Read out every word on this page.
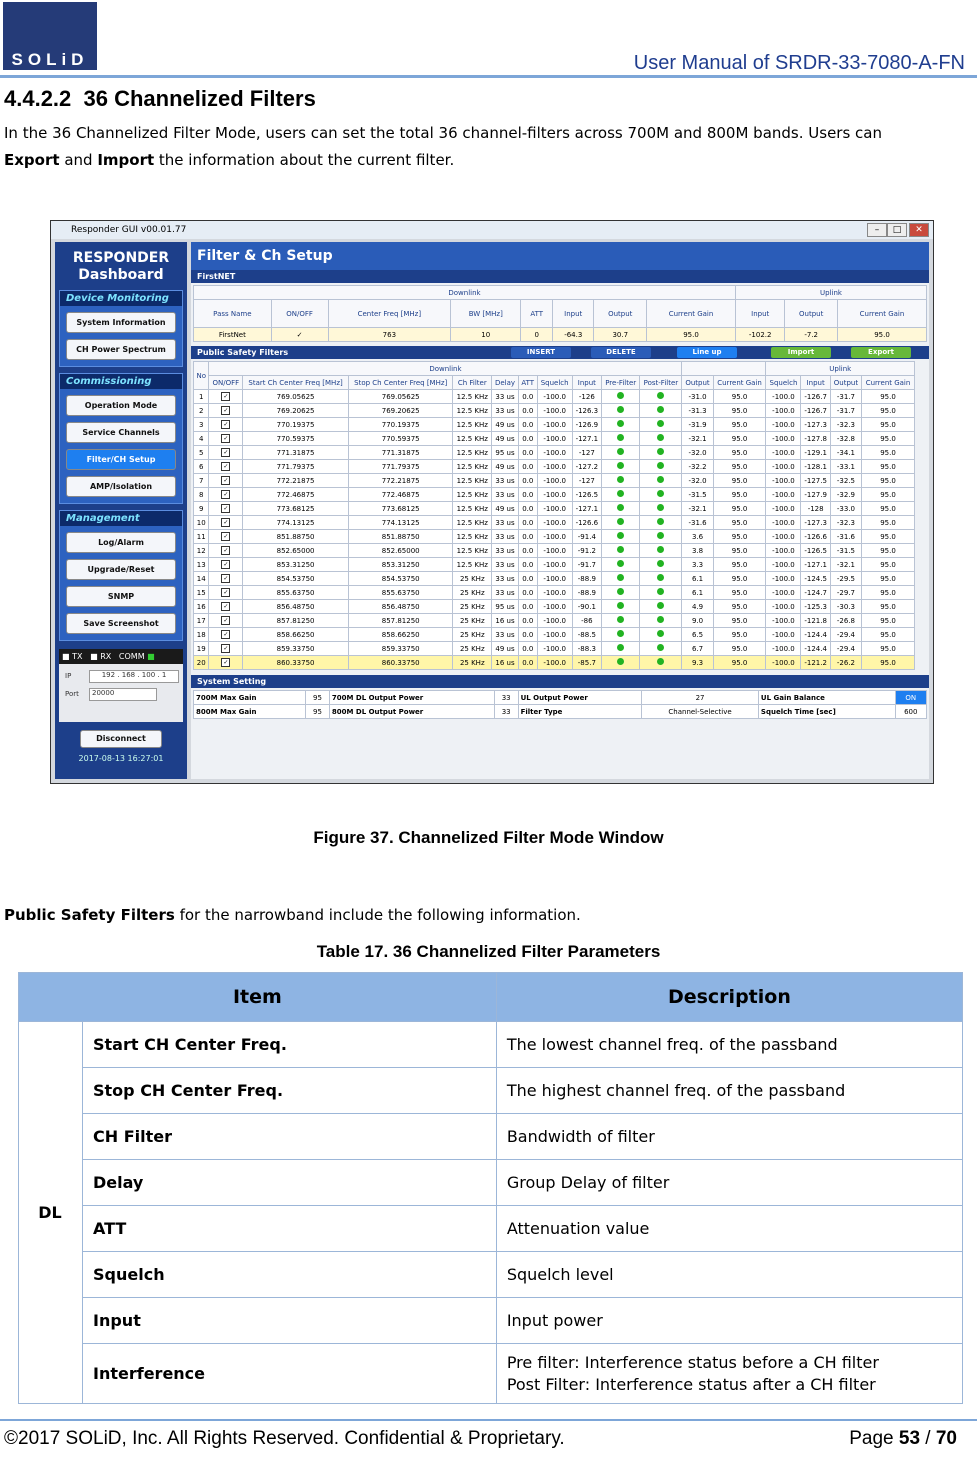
SOLiD	User Manual of SRDR-33-7080-A-FN
4.4.2.2 36 Channelized Filters
In the 36 Channelized Filter Mode, users can set the total 36 channel-filters across 700M and 800M bands. Users can
Export and Import the information about the current filter.
Responder GUI v00.01.77	–	□	✕
RESPONDER
Dashboard
Device Monitoring
System Information
CH Power Spectrum
Commissioning
Operation Mode
Service Channels
Filter/CH Setup
AMP/Isolation
Management
Log/Alarm
Upgrade/Reset
SNMP
Save Screenshot
■ TX ■ RX COMM ■
IP	192 . 168 . 100 . 1
Port	20000
Disconnect
2017-08-13 16:27:01
Filter & Ch Setup
FirstNET
Downlink								Uplink		
Pass Name	ON/OFF	Center Freq [MHz]	BW [MHz]	ATT	Input	Output	Current Gain	Input	Output	Current Gain
FirstNet	✓	763	10	0	-64.3	30.7	95.0	-102.2	-7.2	95.0
Public Safety Filters	INSERT	DELETE	Line up	Import	Export
No	Downlink												Uplink			
	ON/OFF	Start Ch Center Freq [MHz]	Stop Ch Center Freq [MHz]	Ch Filter	Delay	ATT	Squelch	Input	Pre-Filter	Post-Filter	Output	Current Gain	Squelch	Input	Output	Current Gain
1	✓	769.05625	769.05625	12.5 KHz	33 us	0.0	-100.0	-126			-31.0	95.0	-100.0	-126.7	-31.7	95.0
2	✓	769.20625	769.20625	12.5 KHz	33 us	0.0	-100.0	-126.3			-31.3	95.0	-100.0	-126.7	-31.7	95.0
3	✓	770.19375	770.19375	12.5 KHz	49 us	0.0	-100.0	-126.9			-31.9	95.0	-100.0	-127.3	-32.3	95.0
4	✓	770.59375	770.59375	12.5 KHz	49 us	0.0	-100.0	-127.1			-32.1	95.0	-100.0	-127.8	-32.8	95.0
5	✓	771.31875	771.31875	12.5 KHz	95 us	0.0	-100.0	-127			-32.0	95.0	-100.0	-129.1	-34.1	95.0
6	✓	771.79375	771.79375	12.5 KHz	49 us	0.0	-100.0	-127.2			-32.2	95.0	-100.0	-128.1	-33.1	95.0
7	✓	772.21875	772.21875	12.5 KHz	33 us	0.0	-100.0	-127			-32.0	95.0	-100.0	-127.5	-32.5	95.0
8	✓	772.46875	772.46875	12.5 KHz	33 us	0.0	-100.0	-126.5			-31.5	95.0	-100.0	-127.9	-32.9	95.0
9	✓	773.68125	773.68125	12.5 KHz	49 us	0.0	-100.0	-127.1			-32.1	95.0	-100.0	-128	-33.0	95.0
10	✓	774.13125	774.13125	12.5 KHz	33 us	0.0	-100.0	-126.6			-31.6	95.0	-100.0	-127.3	-32.3	95.0
11	✓	851.88750	851.88750	12.5 KHz	33 us	0.0	-100.0	-91.4			3.6	95.0	-100.0	-126.6	-31.6	95.0
12	✓	852.65000	852.65000	12.5 KHz	33 us	0.0	-100.0	-91.2			3.8	95.0	-100.0	-126.5	-31.5	95.0
13	✓	853.31250	853.31250	12.5 KHz	33 us	0.0	-100.0	-91.7			3.3	95.0	-100.0	-127.1	-32.1	95.0
14	✓	854.53750	854.53750	25 KHz	33 us	0.0	-100.0	-88.9			6.1	95.0	-100.0	-124.5	-29.5	95.0
15	✓	855.63750	855.63750	25 KHz	33 us	0.0	-100.0	-88.9			6.1	95.0	-100.0	-124.7	-29.7	95.0
16	✓	856.48750	856.48750	25 KHz	95 us	0.0	-100.0	-90.1			4.9	95.0	-100.0	-125.3	-30.3	95.0
17	✓	857.81250	857.81250	25 KHz	16 us	0.0	-100.0	-86			9.0	95.0	-100.0	-121.8	-26.8	95.0
18	✓	858.66250	858.66250	25 KHz	33 us	0.0	-100.0	-88.5			6.5	95.0	-100.0	-124.4	-29.4	95.0
19	✓	859.33750	859.33750	25 KHz	49 us	0.0	-100.0	-88.3			6.7	95.0	-100.0	-124.4	-29.4	95.0
20	✓	860.33750	860.33750	25 KHz	16 us	0.0	-100.0	-85.7			9.3	95.0	-100.0	-121.2	-26.2	95.0
System Setting
700M Max Gain	95	700M DL Output Power	33	UL Output Power	27	UL Gain Balance	ON
800M Max Gain	95	800M DL Output Power	33	Filter Type	Channel-Selective	Squelch Time [sec]	600
Figure 37. Channelized Filter Mode Window
Public Safety Filters for the narrowband include the following information.
Table 17. 36 Channelized Filter Parameters
Item		Description
DL	Start CH Center Freq.	The lowest channel freq. of the passband
	Stop CH Center Freq.	The highest channel freq. of the passband
	CH Filter	Bandwidth of filter
	Delay	Group Delay of filter
	ATT	Attenuation value
	Squelch	Squelch level
	Input	Input power
	Interference	Pre filter: Interference status before a CH filter
Post Filter: Interference status after a CH filter
©2017 SOLiD, Inc. All Rights Reserved. Confidential & Proprietary.	Page 53 / 70
